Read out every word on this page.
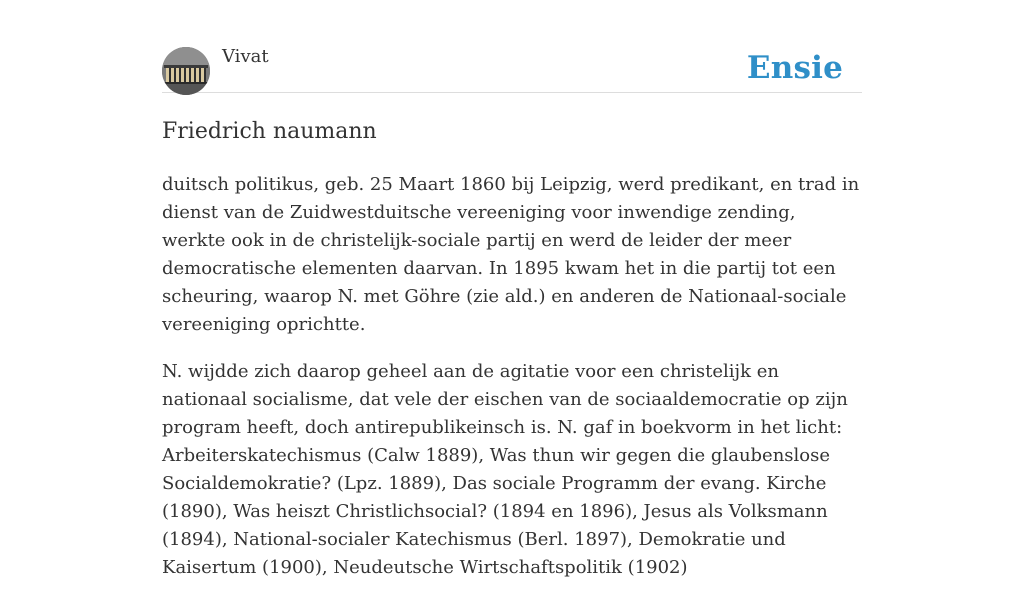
Vivat	Ensie
Friedrich naumann

duitsch politikus, geb. 25 Maart 1860 bij Leipzig, werd predikant, en trad in dienst van de Zuidwestduitsche vereeniging voor inwendige zending, werkte ook in de christelijk-sociale partij en werd de leider der meer democratische elementen daarvan. In 1895 kwam het in die partij tot een scheuring, waarop N. met Göhre (zie ald.) en anderen de Nationaal-sociale vereeniging oprichtte.

N. wijdde zich daarop geheel aan de agitatie voor een christelijk en nationaal socialisme, dat vele der eischen van de sociaaldemocratie op zijn program heeft, doch antirepublikeinsch is. N. gaf in boekvorm in het licht: Arbeiterskatechismus (Calw 1889), Was thun wir gegen die glaubenslose Socialdemokratie? (Lpz. 1889), Das sociale Programm der evang. Kirche (1890), Was heiszt Christlichsocial? (1894 en 1896), Jesus als Volksmann (1894), National-socialer Katechismus (Berl. 1897), Demokratie und Kaisertum (1900), Neudeutsche Wirtschaftspolitik (1902)
